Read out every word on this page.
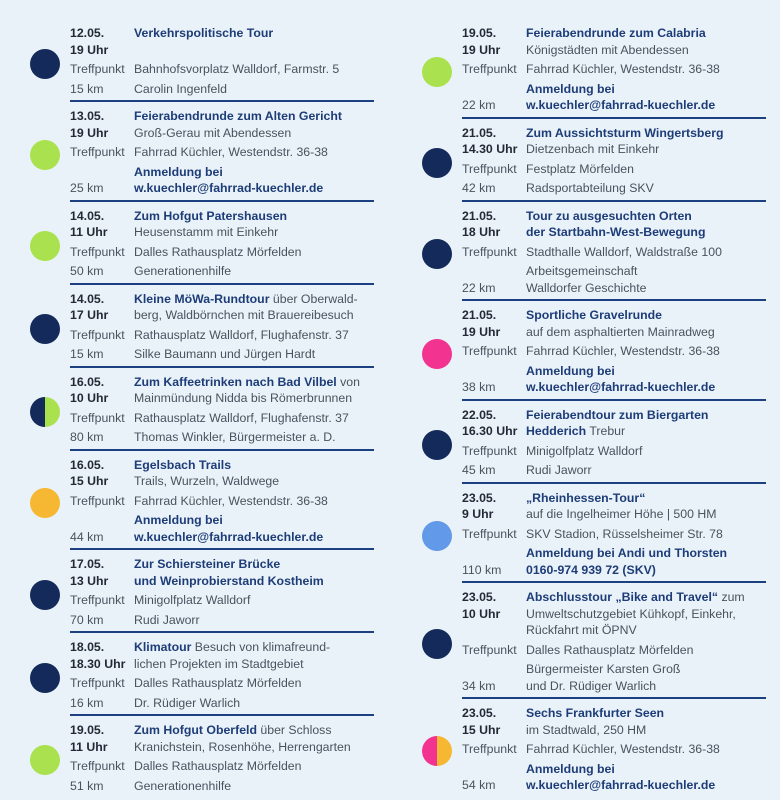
12.05.	Verkehrspolitische Tour
19 Uhr
Treffpunkt Bahnhofsvorplatz Walldorf, Farmstr. 5
15 km	Carolin Ingenfeld
13.05.	Feierabendrunde zum Alten Gericht
19 Uhr	Groß-Gerau mit Abendessen
Treffpunkt Fahrrad Küchler, Westendstr. 36-38
Anmeldung bei
25 km	w.kuechler@fahrrad-kuechler.de
14.05.	Zum Hofgut Patershausen
11 Uhr	Heusenstamm mit Einkehr
Treffpunkt Dalles Rathausplatz Mörfelden
50 km	Generationenhilfe
14.05.	Kleine MöWa-Rundtour über Oberwald-
17 Uhr	berg, Waldbörnchen mit Brauereibesuch
Treffpunkt Rathausplatz Walldorf, Flughafenstr. 37
15 km	Silke Baumann und Jürgen Hardt
16.05.	Zum Kaffeetrinken nach Bad Vilbel von
10 Uhr	Mainmündung Nidda bis Römerbrunnen
Treffpunkt Rathausplatz Walldorf, Flughafenstr. 37
80 km	Thomas Winkler, Bürgermeister a. D.
16.05.	Egelsbach Trails
15 Uhr	Trails, Wurzeln, Waldwege
Treffpunkt Fahrrad Küchler, Westendstr. 36-38
Anmeldung bei
44 km	w.kuechler@fahrrad-kuechler.de
17.05.	Zur Schiersteiner Brücke
13 Uhr	und Weinprobierstand Kostheim
Treffpunkt Minigolfplatz Walldorf
70 km	Rudi Jaworr
18.05.	Klimatour Besuch von klimafreund-
18.30 Uhr lichen Projekten im Stadtgebiet
Treffpunkt Dalles Rathausplatz Mörfelden
16 km	Dr. Rüdiger Warlich
19.05.	Zum Hofgut Oberfeld über Schloss
11 Uhr	Kranichstein, Rosenhöhe, Herrengarten
Treffpunkt Dalles Rathausplatz Mörfelden
51 km	Generationenhilfe
19.05.	Feierabendrunde zum Calabria
19 Uhr	Königstädten mit Abendessen
Treffpunkt Fahrrad Küchler, Westendstr. 36-38
Anmeldung bei
22 km	w.kuechler@fahrrad-kuechler.de
21.05.	Zum Aussichtsturm Wingertsberg
14.30 Uhr Dietzenbach mit Einkehr
Treffpunkt Festplatz Mörfelden
42 km	Radsportabteilung SKV
21.05.	Tour zu ausgesuchten Orten
18 Uhr	der Startbahn-West-Bewegung
Treffpunkt Stadthalle Walldorf, Waldstraße 100
Arbeitsgemeinschaft
22 km	Walldorfer Geschichte
21.05.	Sportliche Gravelrunde
19 Uhr	auf dem asphaltierten Mainradweg
Treffpunkt Fahrrad Küchler, Westendstr. 36-38
Anmeldung bei
38 km	w.kuechler@fahrrad-kuechler.de
22.05.	Feierabendtour zum Biergarten
16.30 Uhr Hedderich Trebur
Treffpunkt Minigolfplatz Walldorf
45 km	Rudi Jaworr
23.05.	„Rheinhessen-Tour“
9 Uhr	auf die Ingelheimer Höhe | 500 HM
Treffpunkt SKV Stadion, Rüsselsheimer Str. 78
Anmeldung bei Andi und Thorsten
110 km	0160-974 939 72 (SKV)
23.05.	Abschlusstour „Bike and Travel“ zum
10 Uhr	Umweltschutzgebiet Kühkopf, Einkehr,
Rückfahrt mit ÖPNV
Treffpunkt Dalles Rathausplatz Mörfelden
Bürgermeister Karsten Groß
34 km	und Dr. Rüdiger Warlich
23.05.	Sechs Frankfurter Seen
15 Uhr	im Stadtwald, 250 HM
Treffpunkt Fahrrad Küchler, Westendstr. 36-38
Anmeldung bei
54 km	w.kuechler@fahrrad-kuechler.de
